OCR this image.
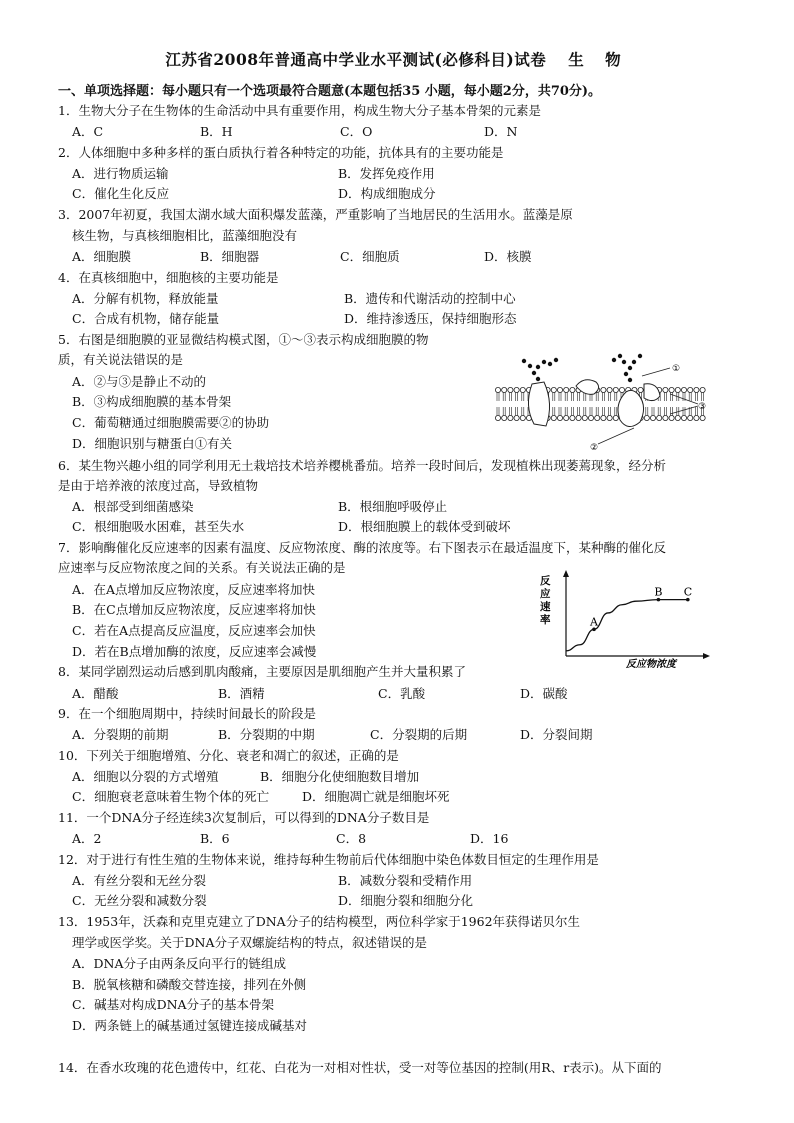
江苏省2008年普通高中学业水平测试(必修科目)试卷 生 物
一、单项选择题：每小题只有一个选项最符合题意(本题包括35 小题，每小题2分，共70分)。
1．生物大分子在生物体的生命活动中具有重要作用，构成生物大分子基本骨架的元素是
A．C	B．H	C．O	D．N
2．人体细胞中多种多样的蛋白质执行着各种特定的功能，抗体具有的主要功能是
A．进行物质运输	B．发挥免疫作用
C．催化生化反应	D．构成细胞成分
3．2007年初夏，我国太湖水域大面积爆发蓝藻，严重影响了当地居民的生活用水。蓝藻是原
核生物，与真核细胞相比，蓝藻细胞没有
A．细胞膜	B．细胞器	C．细胞质	D．核膜
4．在真核细胞中，细胞核的主要功能是
A．分解有机物，释放能量	B．遗传和代谢活动的控制中心
C．合成有机物，储存能量	D．维持渗透压，保持细胞形态
5．右图是细胞膜的亚显微结构模式图，①～③表示构成细胞膜的物
质，有关说法错误的是
A．②与③是静止不动的
B．③构成细胞膜的基本骨架
C．葡萄糖通过细胞膜需要②的协助
D．细胞识别与糖蛋白①有关
①
③
②
6．某生物兴趣小组的同学利用无土栽培技术培养樱桃番茄。培养一段时间后，发现植株出现萎蔫现象，经分析
是由于培养液的浓度过高，导致植物
A．根部受到细菌感染	B．根细胞呼吸停止
C．根细胞吸水困难，甚至失水	D．根细胞膜上的载体受到破坏
7．影响酶催化反应速率的因素有温度、反应物浓度、酶的浓度等。右下图表示在最适温度下，某种酶的催化反
应速率与反应物浓度之间的关系。有关说法正确的是
A．在A点增加反应物浓度，反应速率将加快
B．在C点增加反应物浓度，反应速率将加快
C．若在A点提高反应温度，反应速率会加快
D．若在B点增加酶的浓度，反应速率会减慢
A
B C
反
应
速
率
反应物浓度
8．某同学剧烈运动后感到肌肉酸痛，主要原因是肌细胞产生并大量积累了
A．醋酸	B．酒精	C．乳酸	D．碳酸
9．在一个细胞周期中，持续时间最长的阶段是
A．分裂期的前期	B．分裂期的中期	C．分裂期的后期	D．分裂间期
10．下列关于细胞增殖、分化、衰老和凋亡的叙述，正确的是
A．细胞以分裂的方式增殖	B．细胞分化使细胞数目增加
C．细胞衰老意味着生物个体的死亡	D．细胞凋亡就是细胞坏死
11．一个DNA分子经连续3次复制后，可以得到的DNA分子数目是
A．2	B．6	C．8	D．16
12．对于进行有性生殖的生物体来说，维持每种生物前后代体细胞中染色体数目恒定的生理作用是
A．有丝分裂和无丝分裂	B．减数分裂和受精作用
C．无丝分裂和减数分裂	D．细胞分裂和细胞分化
13．1953年，沃森和克里克建立了DNA分子的结构模型，两位科学家于1962年获得诺贝尔生
理学或医学奖。关于DNA分子双螺旋结构的特点，叙述错误的是
A．DNA分子由两条反向平行的链组成
B．脱氧核糖和磷酸交替连接，排列在外侧
C．碱基对构成DNA分子的基本骨架
D．两条链上的碱基通过氢键连接成碱基对
14．在香水玫瑰的花色遗传中，红花、白花为一对相对性状，受一对等位基因的控制(用R、r表示)。从下面的
